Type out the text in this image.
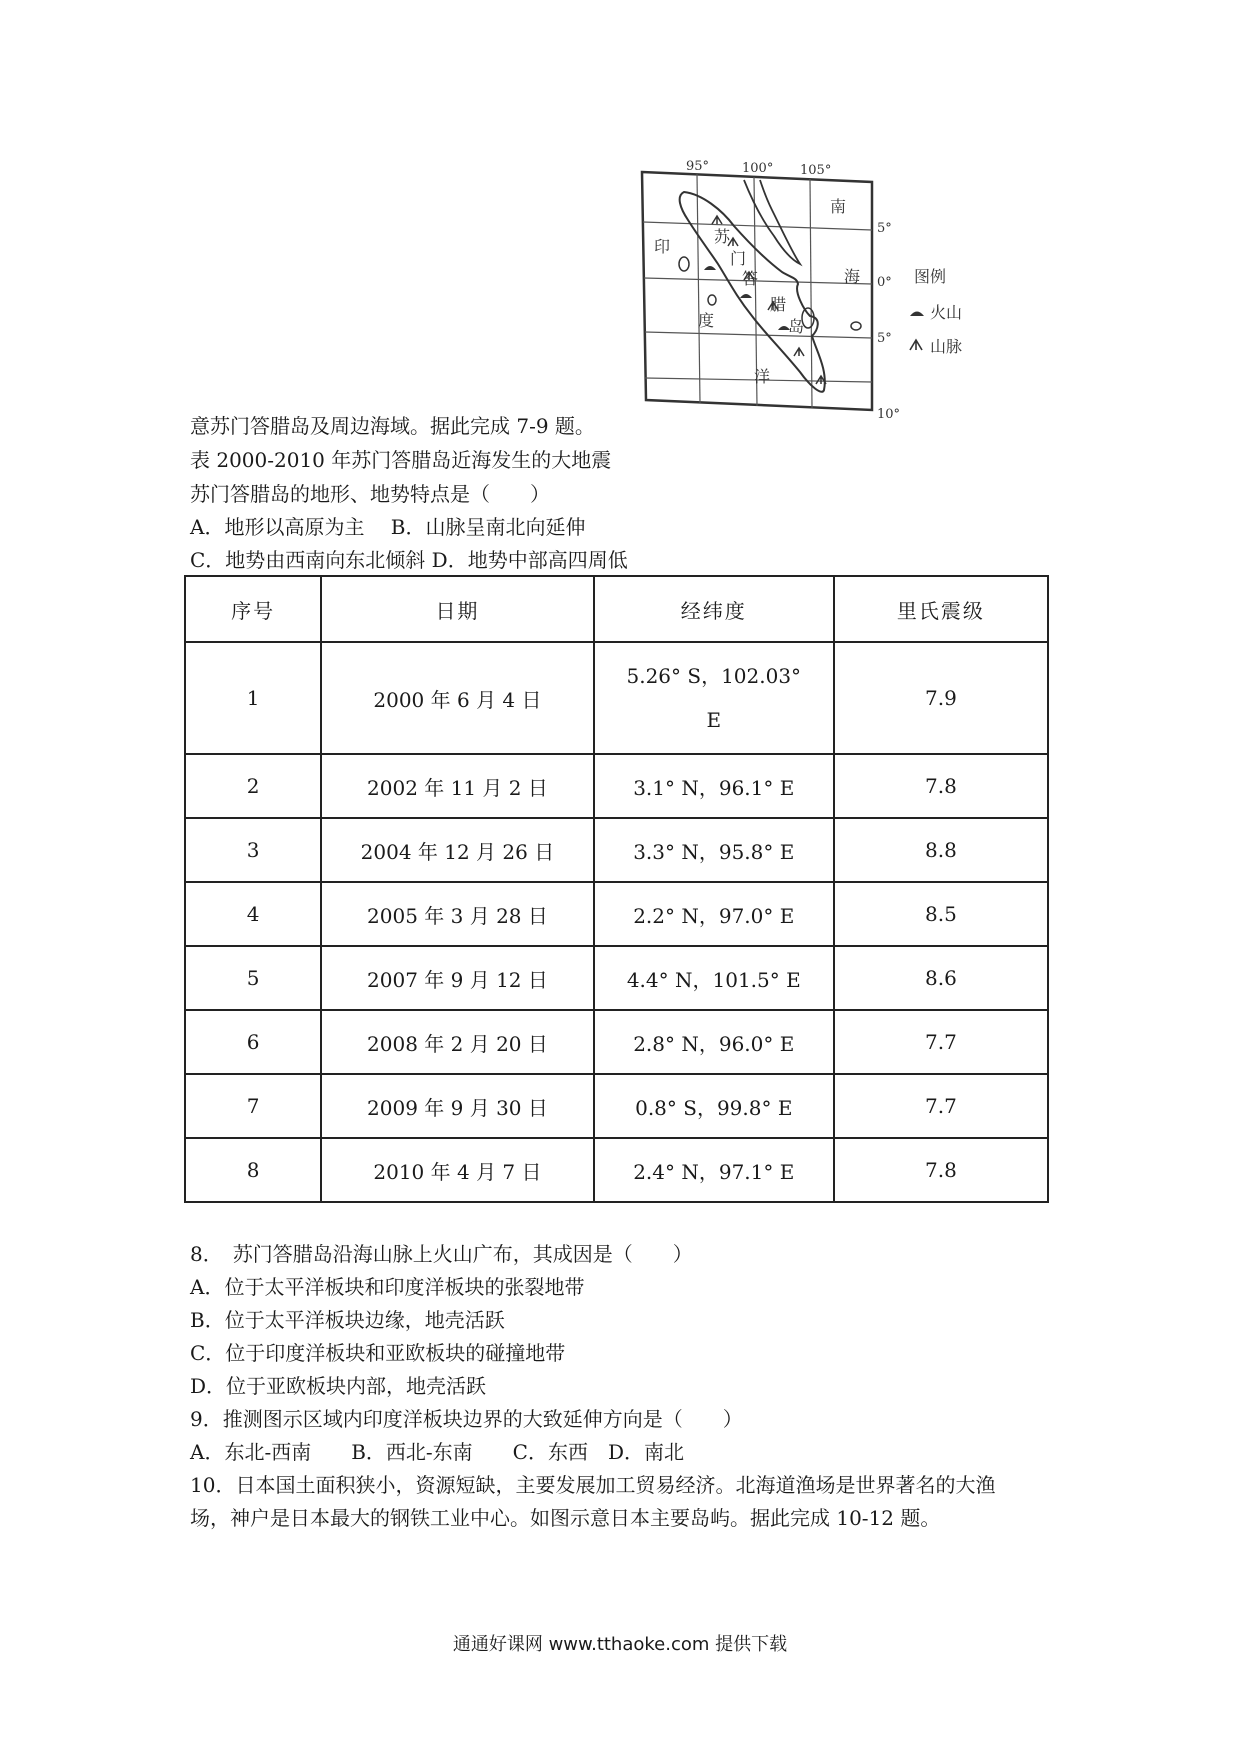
95°	100° 105°
5°
0°
5°
10°
南
海
印
度
洋
苏
门
答
腊
岛
图例
火山
山脉
意苏门答腊岛及周边海域。据此完成 7-9 题。
表 2000-2010 年苏门答腊岛近海发生的大地震
苏门答腊岛的地形、地势特点是（　　）
A．地形以高原为主　 B．山脉呈南北向延伸
C．地势由西南向东北倾斜 D．地势中部高四周低
序号	日期	经纬度	里氏震级
1	2000 年 6 月 4 日	5.26° S，102.03° E	7.9
2	2002 年 11 月 2 日	3.1° N，96.1° E	7.8
3	2004 年 12 月 26 日	3.3° N，95.8° E	8.8
4	2005 年 3 月 28 日	2.2° N，97.0° E	8.5
5	2007 年 9 月 12 日	4.4° N，101.5° E	8.6
6	2008 年 2 月 20 日	2.8° N，96.0° E	7.7
7	2009 年 9 月 30 日	0.8° S，99.8° E	7.7
8	2010 年 4 月 7 日	2.4° N，97.1° E	7.8
8．　苏门答腊岛沿海山脉上火山广布，其成因是（　　）
A．位于太平洋板块和印度洋板块的张裂地带
B．位于太平洋板块边缘，地壳活跃
C．位于印度洋板块和亚欧板块的碰撞地带
D．位于亚欧板块内部，地壳活跃
9．推测图示区域内印度洋板块边界的大致延伸方向是（　　）
A．东北-西南　　B．西北-东南　　C．东西　D．南北
10．日本国土面积狭小，资源短缺，主要发展加工贸易经济。北海道渔场是世界著名的大渔
场，神户是日本最大的钢铁工业中心。如图示意日本主要岛屿。据此完成 10-12 题。
通通好课网 www.tthaoke.com 提供下载
